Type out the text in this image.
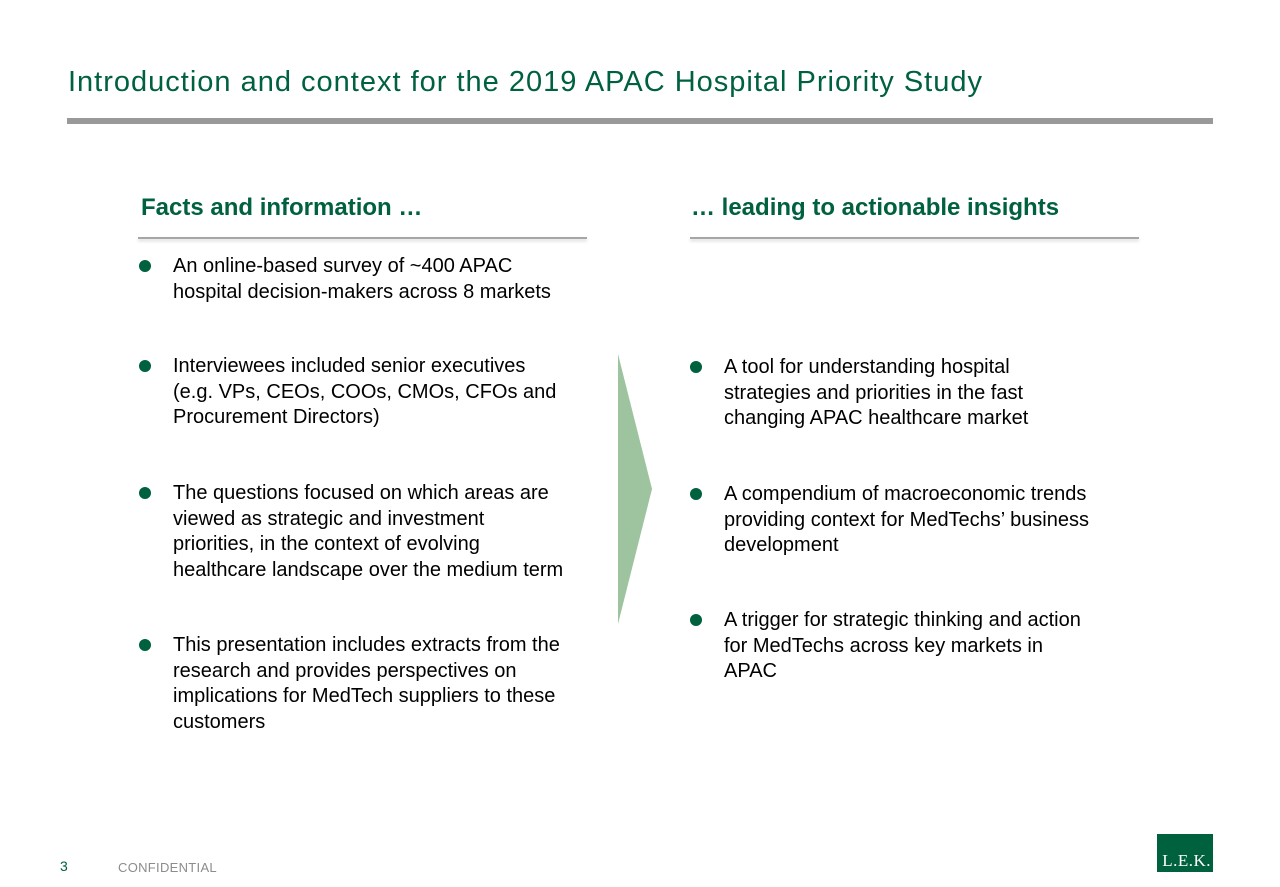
Introduction and context for the 2019 APAC Hospital Priority Study
Facts and information …
An online-based survey of ~400 APAC
hospital decision-makers across 8 markets
Interviewees included senior executives
(e.g. VPs, CEOs, COOs, CMOs, CFOs and
Procurement Directors)
The questions focused on which areas are
viewed as strategic and investment
priorities, in the context of evolving
healthcare landscape over the medium term
This presentation includes extracts from the
research and provides perspectives on
implications for MedTech suppliers to these
customers
… leading to actionable insights
A tool for understanding hospital
strategies and priorities in the fast
changing APAC healthcare market
A compendium of macroeconomic trends
providing context for MedTechs’ business
development
A trigger for strategic thinking and action
for MedTechs across key markets in
APAC
3	CONFIDENTIAL	L.E.K.
